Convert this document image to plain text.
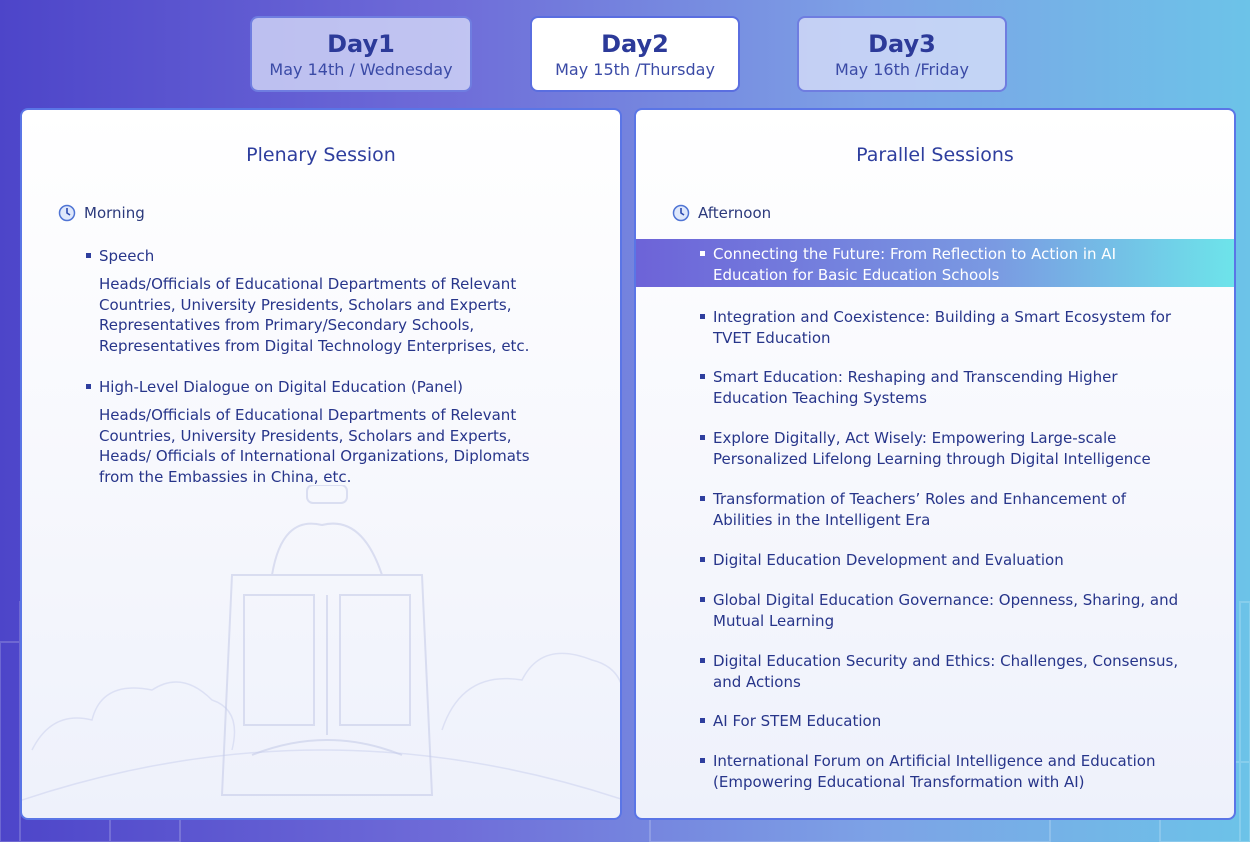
Day1
May 14th / Wednesday
Day2
May 15th /Thursday
Day3
May 16th /Friday
Plenary Session
Morning
Speech
Heads/Officials of Educational Departments of Relevant Countries, University Presidents, Scholars and Experts, Representatives from Primary/Secondary Schools, Representatives from Digital Technology Enterprises, etc.
High-Level Dialogue on Digital Education (Panel)
Heads/Officials of Educational Departments of Relevant Countries, University Presidents, Scholars and Experts, Heads/ Officials of International Organizations, Diplomats from the Embassies in China, etc.
Parallel Sessions
Afternoon
Connecting the Future: From Reflection to Action in AI Education for Basic Education Schools
Integration and Coexistence: Building a Smart Ecosystem for TVET Education
Smart Education: Reshaping and Transcending Higher Education Teaching Systems
Explore Digitally, Act Wisely: Empowering Large-scale Personalized Lifelong Learning through Digital Intelligence
Transformation of Teachers’ Roles and Enhancement of Abilities in the Intelligent Era
Digital Education Development and Evaluation
Global Digital Education Governance: Openness, Sharing, and Mutual Learning
Digital Education Security and Ethics: Challenges, Consensus, and Actions
AI For STEM Education
International Forum on Artificial Intelligence and Education (Empowering Educational Transformation with AI)
